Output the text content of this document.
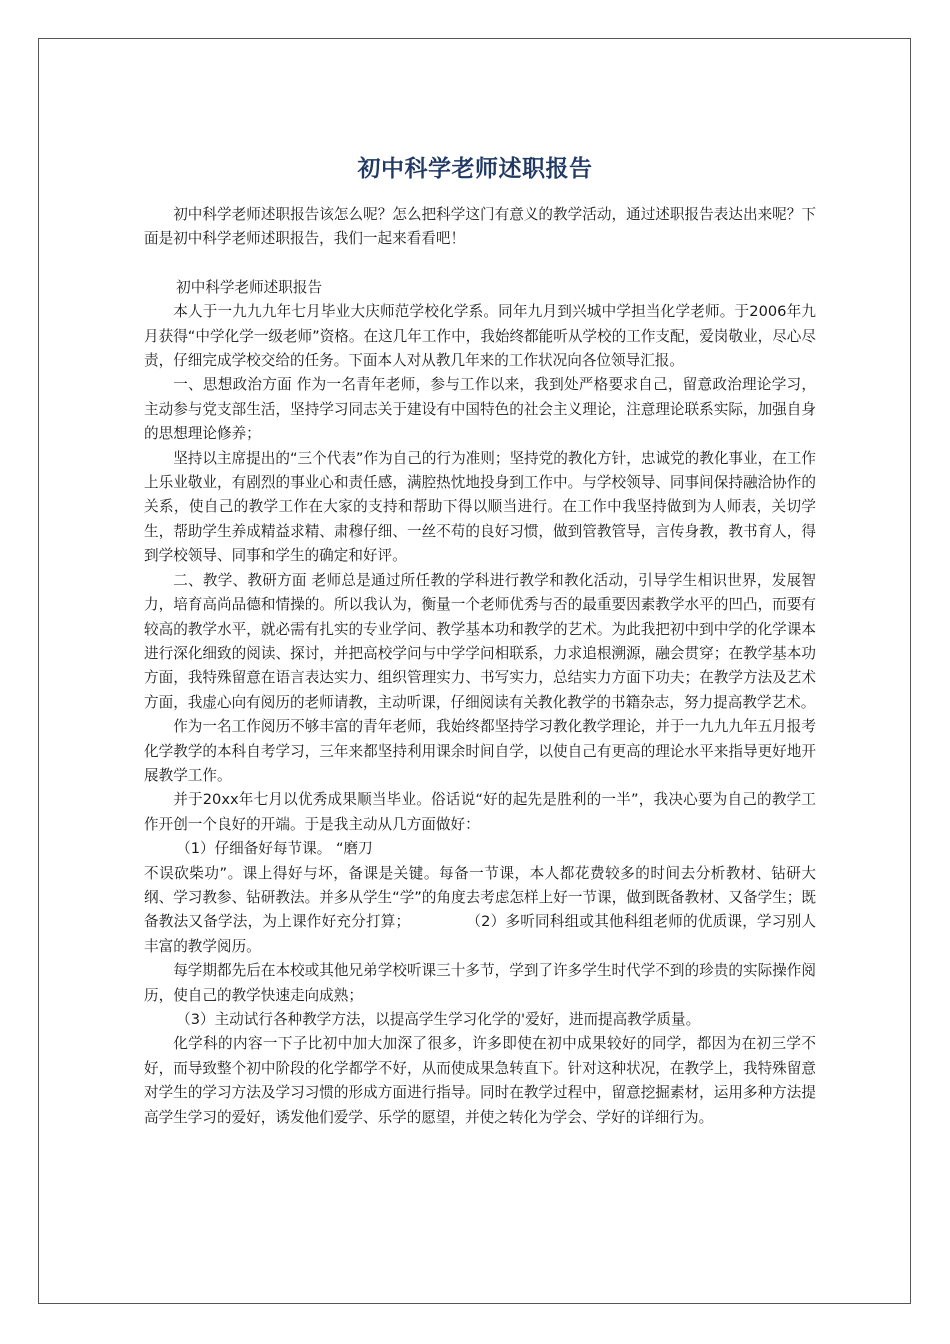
初中科学老师述职报告

初中科学老师述职报告该怎么呢？怎么把科学这门有意义的教学活动，通过述职报告表达出来呢？下面是初中科学老师述职报告，我们一起来看看吧！

初中科学老师述职报告

本人于一九九九年七月毕业大庆师范学校化学系。同年九月到兴城中学担当化学老师。于2006年九月获得“中学化学一级老师”资格。在这几年工作中，我始终都能听从学校的工作支配，爱岗敬业，尽心尽责，仔细完成学校交给的任务。下面本人对从教几年来的工作状况向各位领导汇报。

一、思想政治方面 作为一名青年老师，参与工作以来，我到处严格要求自己，留意政治理论学习，主动参与党支部生活，坚持学习同志关于建设有中国特色的社会主义理论，注意理论联系实际，加强自身的思想理论修养；

坚持以主席提出的“三个代表”作为自己的行为准则；坚持党的教化方针，忠诚党的教化事业，在工作上乐业敬业，有剧烈的事业心和责任感，满腔热忱地投身到工作中。与学校领导、同事间保持融洽协作的关系，使自己的教学工作在大家的支持和帮助下得以顺当进行。在工作中我坚持做到为人师表，关切学生，帮助学生养成精益求精、肃穆仔细、一丝不苟的良好习惯，做到管教管导，言传身教，教书育人，得到学校领导、同事和学生的确定和好评。

二、教学、教研方面 老师总是通过所任教的学科进行教学和教化活动，引导学生相识世界，发展智力，培育高尚品德和情操的。所以我认为，衡量一个老师优秀与否的最重要因素教学水平的凹凸，而要有较高的教学水平，就必需有扎实的专业学问、教学基本功和教学的艺术。为此我把初中到中学的化学课本进行深化细致的阅读、探讨，并把高校学问与中学学问相联系，力求追根溯源，融会贯穿；在教学基本功方面，我特殊留意在语言表达实力、组织管理实力、书写实力，总结实力方面下功夫；在教学方法及艺术方面，我虚心向有阅历的老师请教，主动听课，仔细阅读有关教化教学的书籍杂志，努力提高教学艺术。

作为一名工作阅历不够丰富的青年老师，我始终都坚持学习教化教学理论，并于一九九九年五月报考化学教学的本科自考学习，三年来都坚持利用课余时间自学，以使自己有更高的理论水平来指导更好地开展教学工作。

并于20xx年七月以优秀成果顺当毕业。俗话说“好的起先是胜利的一半”，我决心要为自己的教学工作开创一个良好的开端。于是我主动从几方面做好：

（1）仔细备好每节课。 “磨刀

不误砍柴功”。课上得好与坏，备课是关键。每备一节课，本人都花费较多的时间去分析教材、钻研大纲、学习教参、钻研教法。并多从学生“学”的角度去考虑怎样上好一节课，做到既备教材、又备学生；既备教法又备学法，为上课作好充分打算；	（2）多听同科组或其他科组老师的优质课，学习别人丰富的教学阅历。

每学期都先后在本校或其他兄弟学校听课三十多节，学到了许多学生时代学不到的珍贵的实际操作阅历，使自己的教学快速走向成熟；

（3）主动试行各种教学方法，以提高学生学习化学的'爱好，进而提高教学质量。

化学科的内容一下子比初中加大加深了很多，许多即使在初中成果较好的同学，都因为在初三学不好，而导致整个初中阶段的化学都学不好，从而使成果急转直下。针对这种状况，在教学上，我特殊留意对学生的学习方法及学习习惯的形成方面进行指导。同时在教学过程中，留意挖掘素材，运用多种方法提高学生学习的爱好，诱发他们爱学、乐学的愿望，并使之转化为学会、学好的详细行为。
